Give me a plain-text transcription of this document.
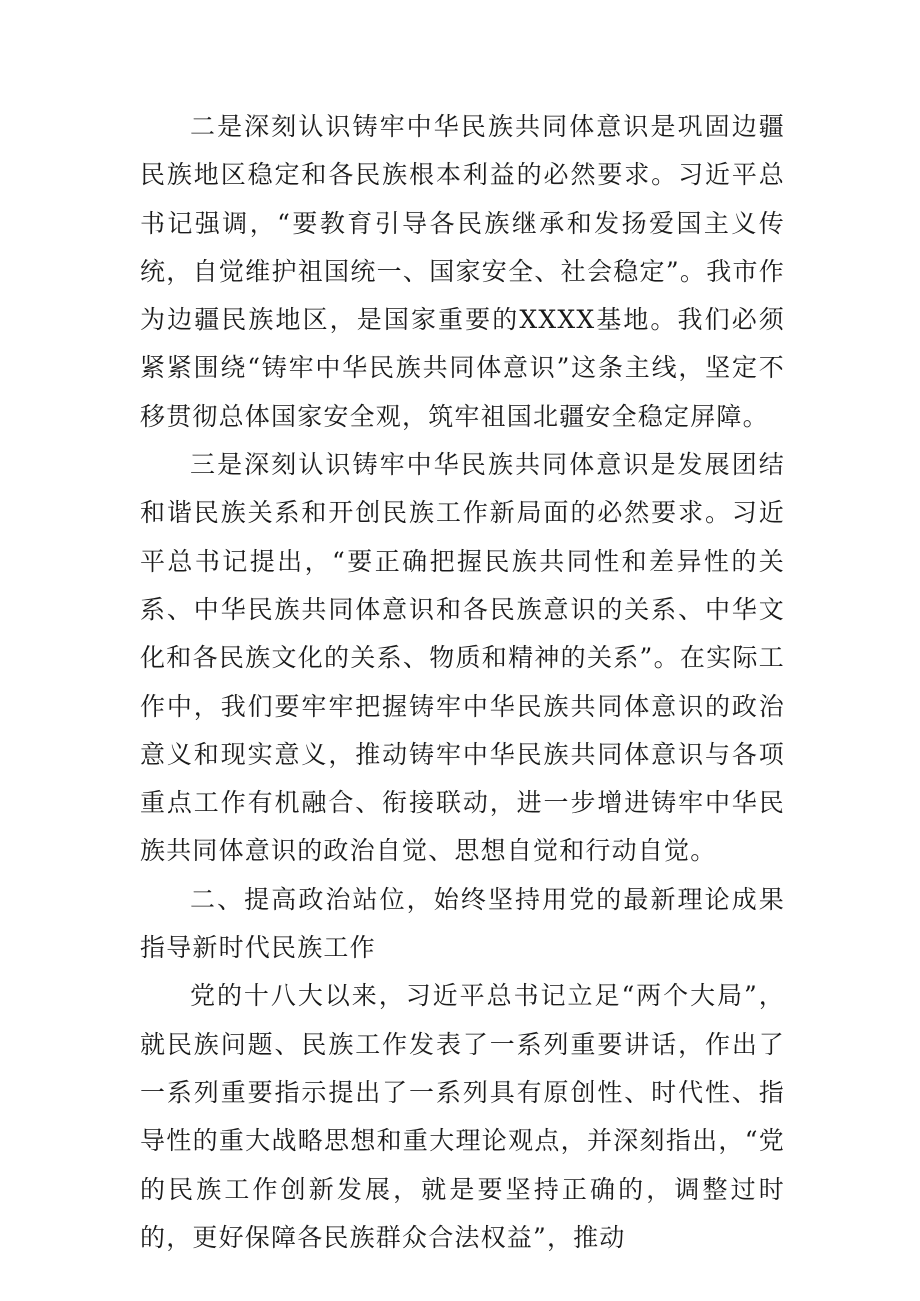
二是深刻认识铸牢中华民族共同体意识是巩固边疆民族地区稳定和各民族根本利益的必然要求。习近平总书记强调，“要教育引导各民族继承和发扬爱国主义传统，自觉维护祖国统一、国家安全、社会稳定”。我市作为边疆民族地区，是国家重要的XXXX基地。我们必须紧紧围绕“铸牢中华民族共同体意识”这条主线，坚定不移贯彻总体国家安全观，筑牢祖国北疆安全稳定屏障。

三是深刻认识铸牢中华民族共同体意识是发展团结和谐民族关系和开创民族工作新局面的必然要求。习近平总书记提出，“要正确把握民族共同性和差异性的关系、中华民族共同体意识和各民族意识的关系、中华文化和各民族文化的关系、物质和精神的关系”。在实际工作中，我们要牢牢把握铸牢中华民族共同体意识的政治意义和现实意义，推动铸牢中华民族共同体意识与各项重点工作有机融合、衔接联动，进一步增进铸牢中华民族共同体意识的政治自觉、思想自觉和行动自觉。

二、提高政治站位，始终坚持用党的最新理论成果指导新时代民族工作

党的十八大以来，习近平总书记立足“两个大局”，就民族问题、民族工作发表了一系列重要讲话，作出了一系列重要指示提出了一系列具有原创性、时代性、指导性的重大战略思想和重大理论观点，并深刻指出，“党的民族工作创新发展，就是要坚持正确的，调整过时的，更好保障各民族群众合法权益”，推动
